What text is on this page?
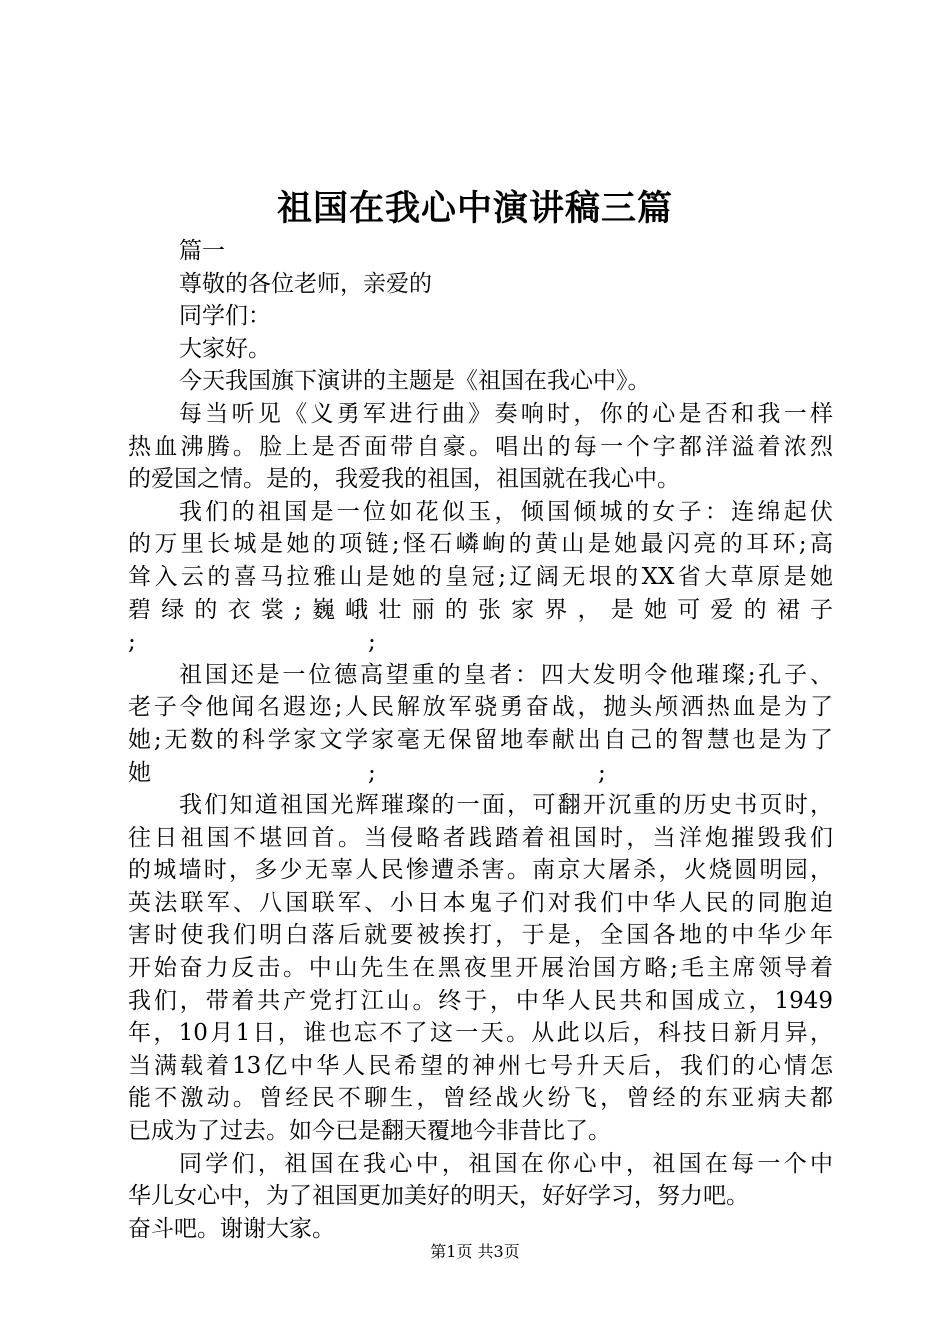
祖国在我心中演讲稿三篇
篇一
尊敬的各位老师，亲爱的
同学们：
大家好。
今天我国旗下演讲的主题是《祖国在我心中》。
每当听见《义勇军进行曲》奏响时，你的心是否和我一样
热血沸腾。脸上是否面带自豪。唱出的每一个字都洋溢着浓烈
的爱国之情。是的，我爱我的祖国，祖国就在我心中。
我们的祖国是一位如花似玉，倾国倾城的女子：连绵起伏
的万里长城是她的项链;怪石嶙峋的黄山是她最闪亮的耳环;高
耸入云的喜马拉雅山是她的皇冠;辽阔无垠的XX省大草原是她
碧绿的衣裳;巍峨壮丽的张家界，是她可爱的裙子
;	;
祖国还是一位德高望重的皇者：四大发明令他璀璨;孔子、
老子令他闻名遐迩;人民解放军骁勇奋战，抛头颅洒热血是为了
她;无数的科学家文学家毫无保留地奉献出自己的智慧也是为了
她	;	;
我们知道祖国光辉璀璨的一面，可翻开沉重的历史书页时，
往日祖国不堪回首。当侵略者践踏着祖国时，当洋炮摧毁我们
的城墙时，多少无辜人民惨遭杀害。南京大屠杀，火烧圆明园，
英法联军、八国联军、小日本鬼子们对我们中华人民的同胞迫
害时使我们明白落后就要被挨打，于是，全国各地的中华少年
开始奋力反击。中山先生在黑夜里开展治国方略;毛主席领导着
我们，带着共产党打江山。终于，中华人民共和国成立，1949
年，10月1日，谁也忘不了这一天。从此以后，科技日新月异，
当满载着13亿中华人民希望的神州七号升天后，我们的心情怎
能不激动。曾经民不聊生，曾经战火纷飞，曾经的东亚病夫都
已成为了过去。如今已是翻天覆地今非昔比了。
同学们，祖国在我心中，祖国在你心中，祖国在每一个中
华儿女心中，为了祖国更加美好的明天，好好学习，努力吧。
奋斗吧。谢谢大家。
第1页 共3页
